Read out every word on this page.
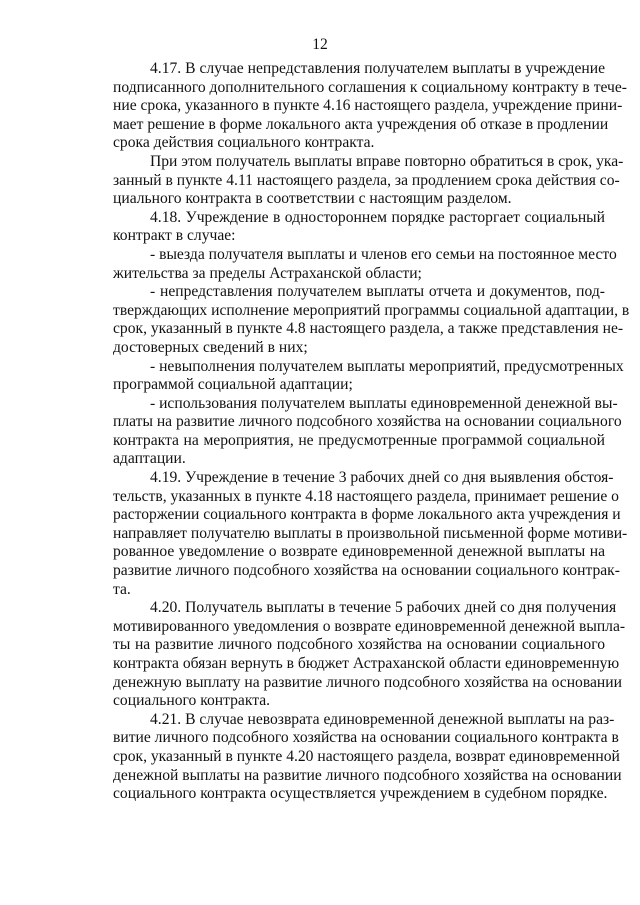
12
4.17. В случае непредставления получателем выплаты в учреждение
подписанного дополнительного соглашения к социальному контракту в тече-
ние срока, указанного в пункте 4.16 настоящего раздела, учреждение прини-
мает решение в форме локального акта учреждения об отказе в продлении
срока действия социального контракта.
При этом получатель выплаты вправе повторно обратиться в срок, ука-
занный в пункте 4.11 настоящего раздела, за продлением срока действия со-
циального контракта в соответствии с настоящим разделом.
4.18. Учреждение в одностороннем порядке расторгает социальный
контракт в случае:
- выезда получателя выплаты и членов его семьи на постоянное место
жительства за пределы Астраханской области;
- непредставления получателем выплаты отчета и документов, под-
тверждающих исполнение мероприятий программы социальной адаптации, в
срок, указанный в пункте 4.8 настоящего раздела, а также представления не-
достоверных сведений в них;
- невыполнения получателем выплаты мероприятий, предусмотренных
программой социальной адаптации;
- использования получателем выплаты единовременной денежной вы-
платы на развитие личного подсобного хозяйства на основании социального
контракта на мероприятия, не предусмотренные программой социальной
адаптации.
4.19. Учреждение в течение 3 рабочих дней со дня выявления обстоя-
тельств, указанных в пункте 4.18 настоящего раздела, принимает решение о
расторжении социального контракта в форме локального акта учреждения и
направляет получателю выплаты в произвольной письменной форме мотиви-
рованное уведомление о возврате единовременной денежной выплаты на
развитие личного подсобного хозяйства на основании социального контрак-
та.
4.20. Получатель выплаты в течение 5 рабочих дней со дня получения
мотивированного уведомления о возврате единовременной денежной выпла-
ты на развитие личного подсобного хозяйства на основании социального
контракта обязан вернуть в бюджет Астраханской области единовременную
денежную выплату на развитие личного подсобного хозяйства на основании
социального контракта.
4.21. В случае невозврата единовременной денежной выплаты на раз-
витие личного подсобного хозяйства на основании социального контракта в
срок, указанный в пункте 4.20 настоящего раздела, возврат единовременной
денежной выплаты на развитие личного подсобного хозяйства на основании
социального контракта осуществляется учреждением в судебном порядке.
